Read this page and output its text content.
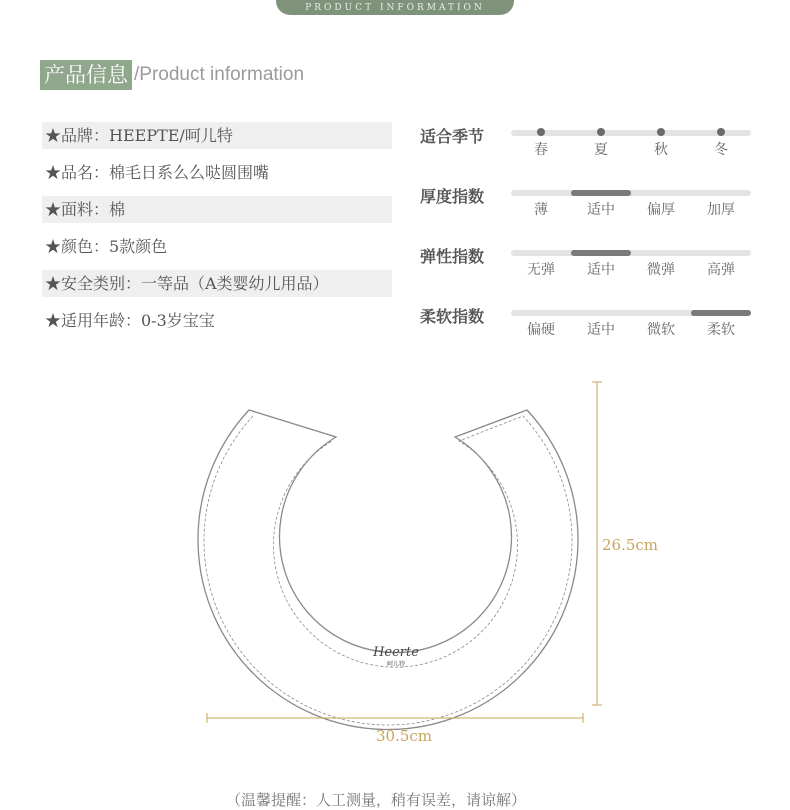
PRODUCT INFORMATION
产品信息 /Product information
★品牌：HEEPTE/呵儿特
★品名：棉毛日系么么哒圆围嘴
★面料：棉
★颜色：5款颜色
★安全类别：一等品（A类婴幼儿用品）
★适用年龄：0-3岁宝宝
适合季节
春	夏	秋	冬
厚度指数
薄	适中	偏厚	加厚
弹性指数
无弹	适中	微弹	高弹
柔软指数
偏硬	适中	微软	柔软
Heerte
呵儿特
30.5cm
26.5cm
（温馨提醒：人工测量，稍有误差，请谅解）
